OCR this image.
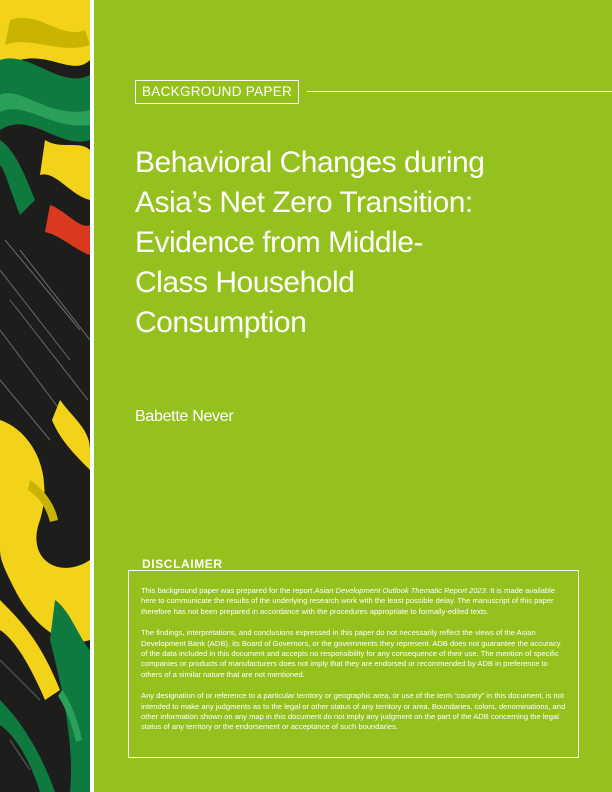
BACKGROUND PAPER
Behavioral Changes during
Asia’s Net Zero Transition:
Evidence from Middle-
Class Household
Consumption
Babette Never
DISCLAIMER

This background paper was prepared for the report Asian Development Outlook Thematic Report 2023. It is made available here to communicate the results of the underlying research work with the least possible delay. The manuscript of this paper therefore has not been prepared in accordance with the procedures appropriate to formally-edited texts.

The findings, interpretations, and conclusions expressed in this paper do not necessarily reflect the views of the Asian Development Bank (ADB), its Board of Governors, or the governments they represent. ADB does not guarantee the accuracy of the data included in this document and accepts no responsibility for any consequence of their use. The mention of specific companies or products of manufacturers does not imply that they are endorsed or recommended by ADB in preference to others of a similar nature that are not mentioned.

Any designation of or reference to a particular territory or geographic area, or use of the term “country” in this document, is not intended to make any judgments as to the legal or other status of any territory or area. Boundaries, colors, denominations, and other information shown on any map in this document do not imply any judgment on the part of the ADB concerning the legal status of any territory or the endorsement or acceptance of such boundaries.
